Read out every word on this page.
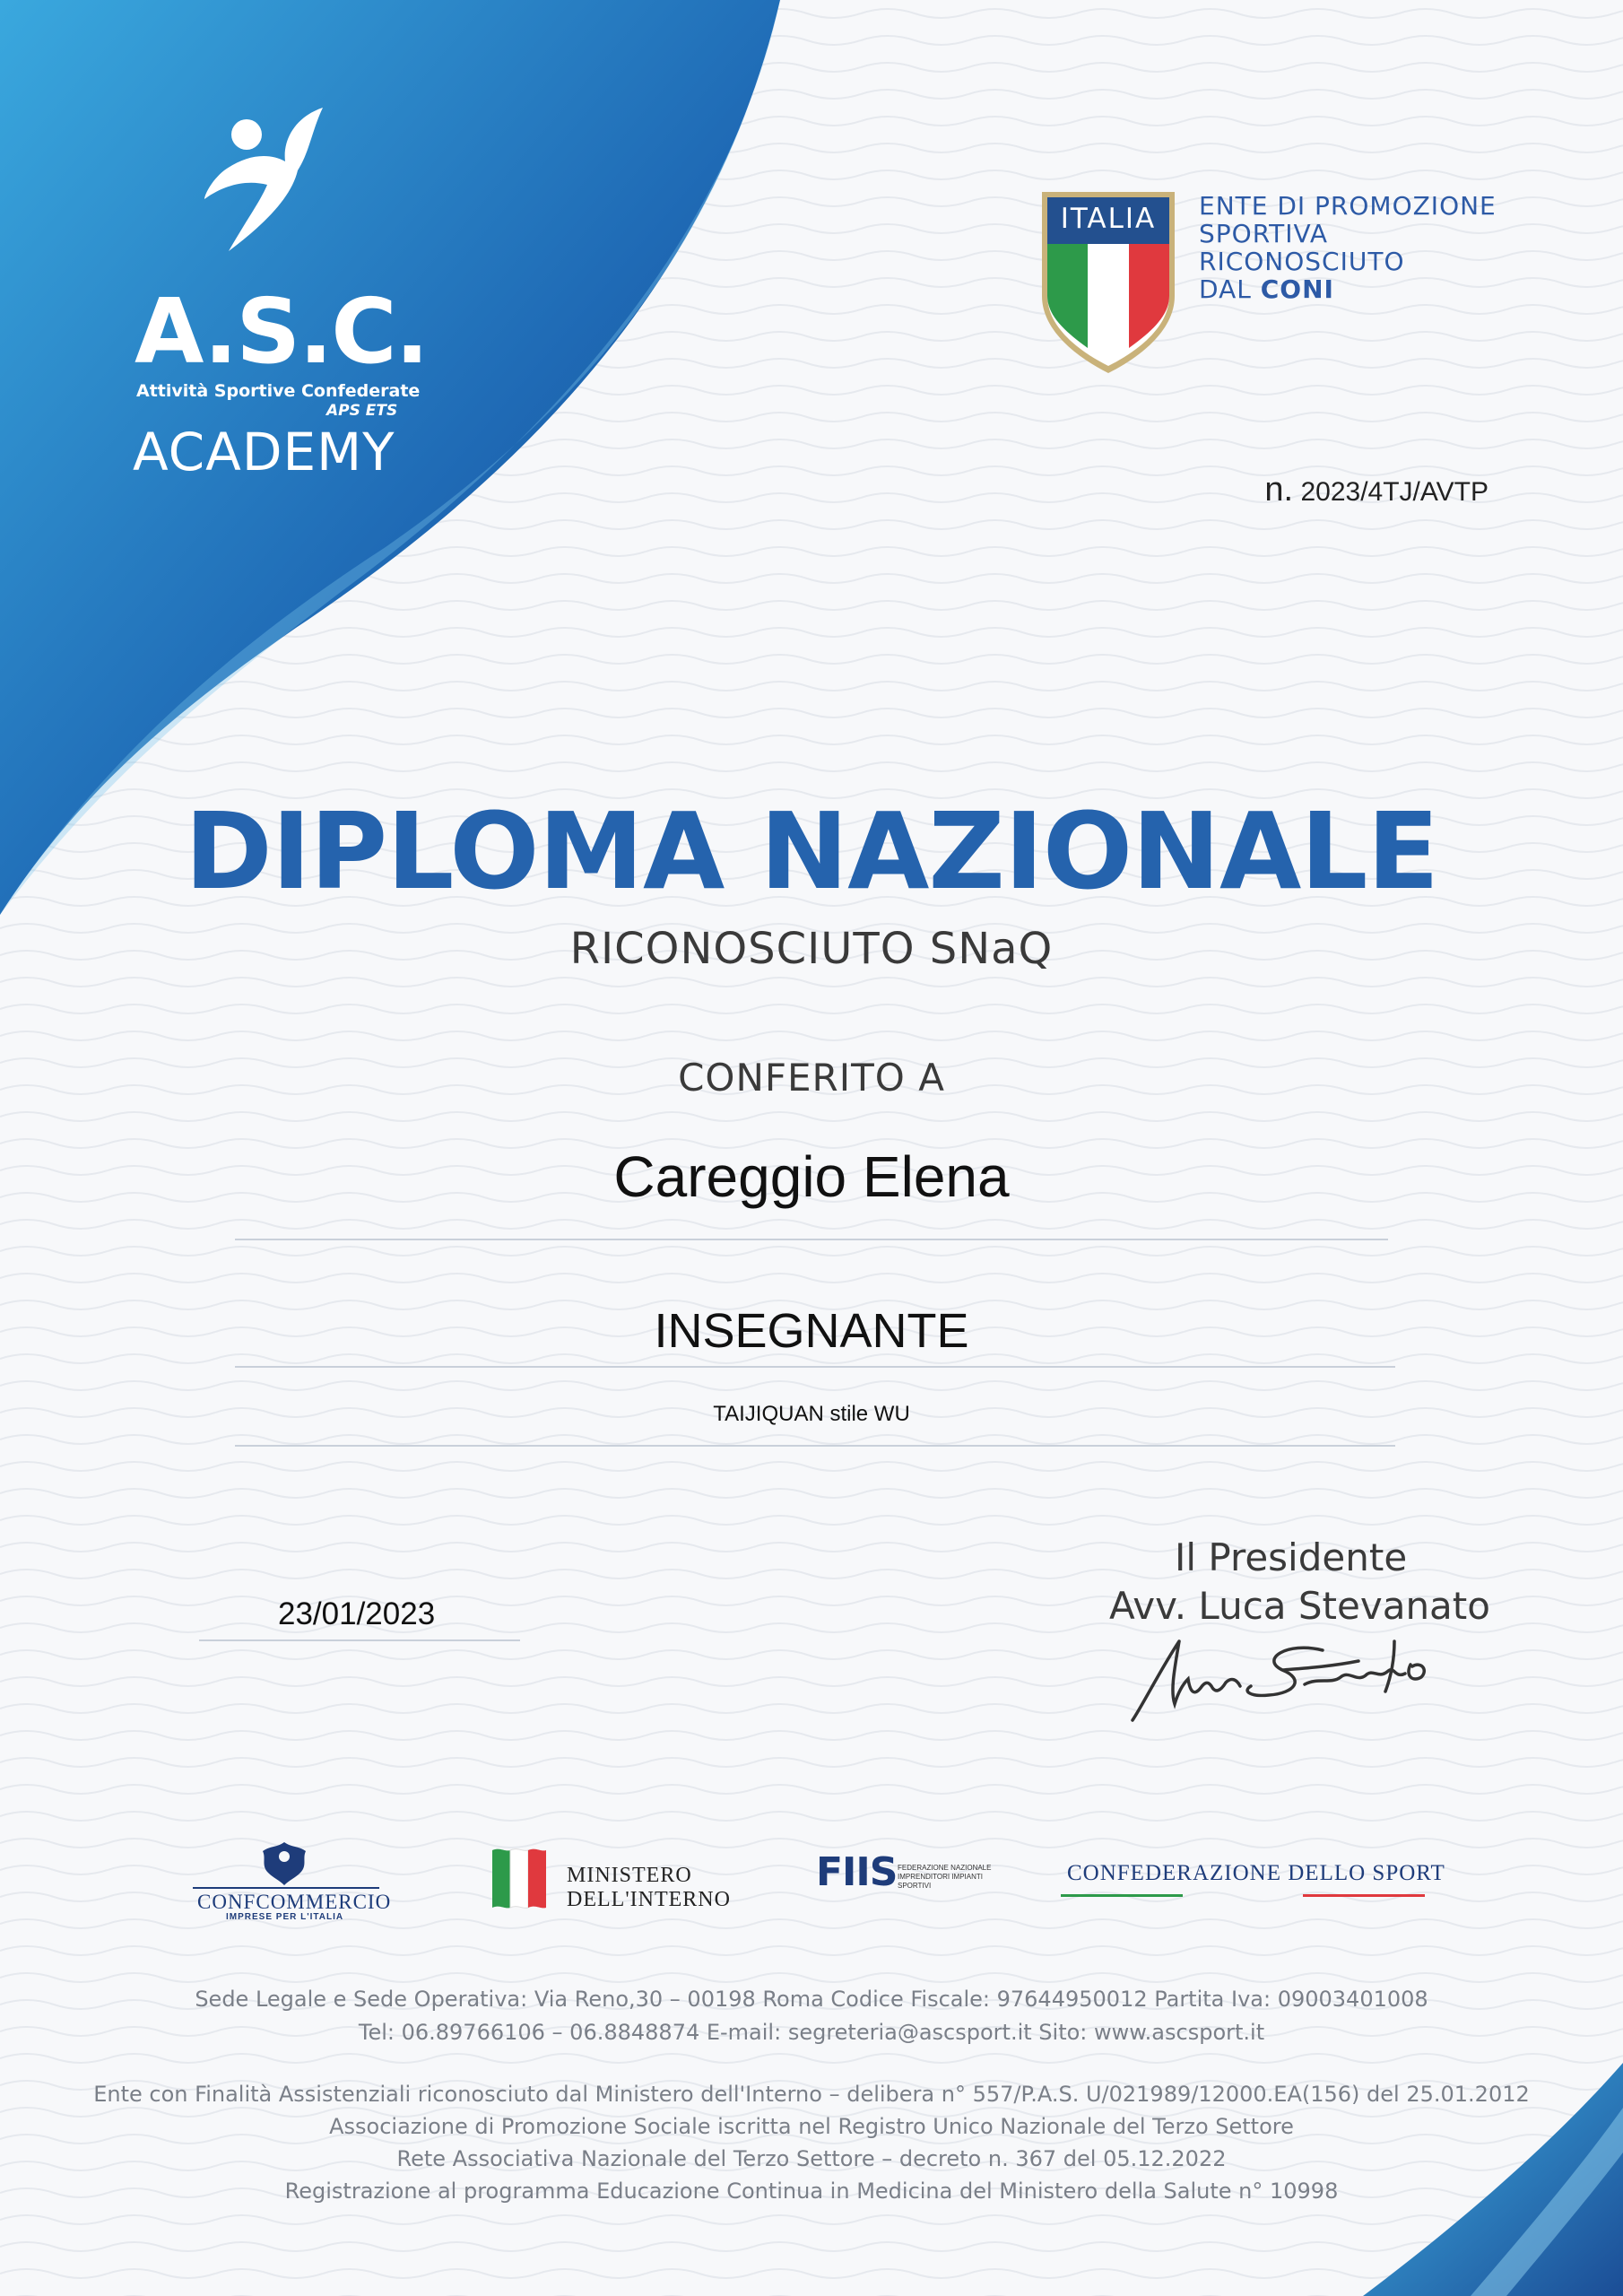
A.S.C.
Attività Sportive Confederate
APS ETS
ACADEMY
ITALIA	ENTE DI PROMOZIONE
SPORTIVA
RICONOSCIUTO
DAL CONI
n. 2023/4TJ/AVTP
DIPLOMA NAZIONALE
RICONOSCIUTO SNaQ
CONFERITO A
Careggio Elena
INSEGNANTE
TAIJIQUAN stile WU
23/01/2023
Il Presidente
Avv. Luca Stevanato
CONFCOMMERCIO
IMPRESE PER L'ITALIA
MINISTERO
DELL'INTERNO
FIIS FEDERAZIONE NAZIONALE IMPRENDITORI IMPIANTI SPORTIVI
CONFEDERAZIONE DELLO SPORT
Sede Legale e Sede Operativa: Via Reno,30 – 00198 Roma Codice Fiscale: 97644950012 Partita Iva: 09003401008
Tel: 06.89766106 – 06.8848874 E-mail: segreteria@ascsport.it Sito: www.ascsport.it
Ente con Finalità Assistenziali riconosciuto dal Ministero dell'Interno – delibera n° 557/P.A.S. U/021989/12000.EA(156) del 25.01.2012
Associazione di Promozione Sociale iscritta nel Registro Unico Nazionale del Terzo Settore
Rete Associativa Nazionale del Terzo Settore – decreto n. 367 del 05.12.2022
Registrazione al programma Educazione Continua in Medicina del Ministero della Salute n° 10998
